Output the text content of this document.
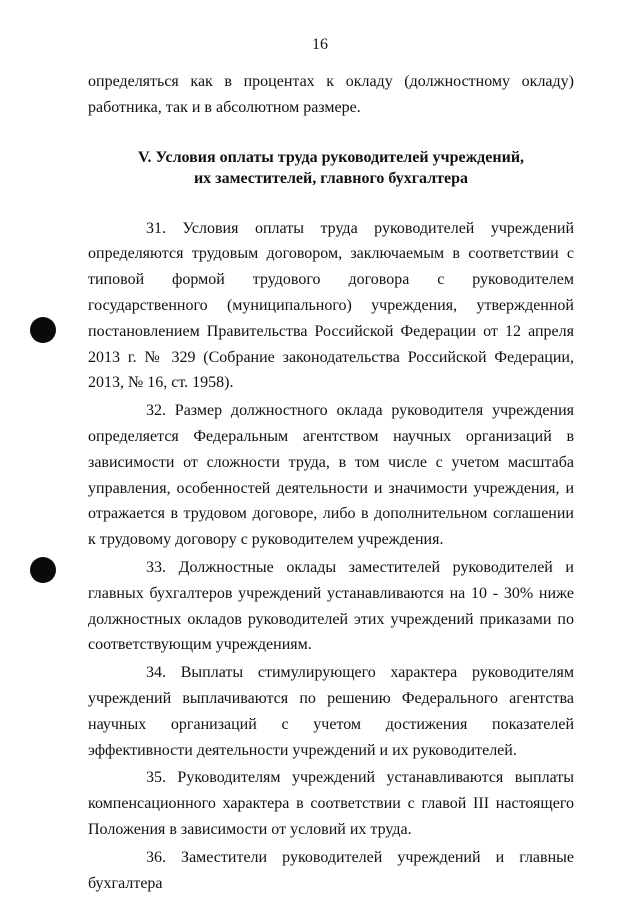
16

определяться как в процентах к окладу (должностному окладу) работника, так и в абсолютном размере.

V. Условия оплаты труда руководителей учреждений,
их заместителей, главного бухгалтера

31. Условия оплаты труда руководителей учреждений определяются трудовым договором, заключаемым в соответствии с типовой формой трудового договора с руководителем государственного (муниципального) учреждения, утвержденной постановлением Правительства Российской Федерации от 12 апреля 2013 г. № 329 (Собрание законодательства Российской Федерации, 2013, № 16, ст. 1958).

32. Размер должностного оклада руководителя учреждения определяется Федеральным агентством научных организаций в зависимости от сложности труда, в том числе с учетом масштаба управления, особенностей деятельности и значимости учреждения, и отражается в трудовом договоре, либо в дополнительном соглашении к трудовому договору с руководителем учреждения.

33. Должностные оклады заместителей руководителей и главных бухгалтеров учреждений устанавливаются на 10 - 30% ниже должностных окладов руководителей этих учреждений приказами по соответствующим учреждениям.

34. Выплаты стимулирующего характера руководителям учреждений выплачиваются по решению Федерального агентства научных организаций с учетом достижения показателей эффективности деятельности учреждений и их руководителей.

35. Руководителям учреждений устанавливаются выплаты компенсационного характера в соответствии с главой III настоящего Положения в зависимости от условий их труда.

36. Заместители руководителей учреждений и главные бухгалтера
